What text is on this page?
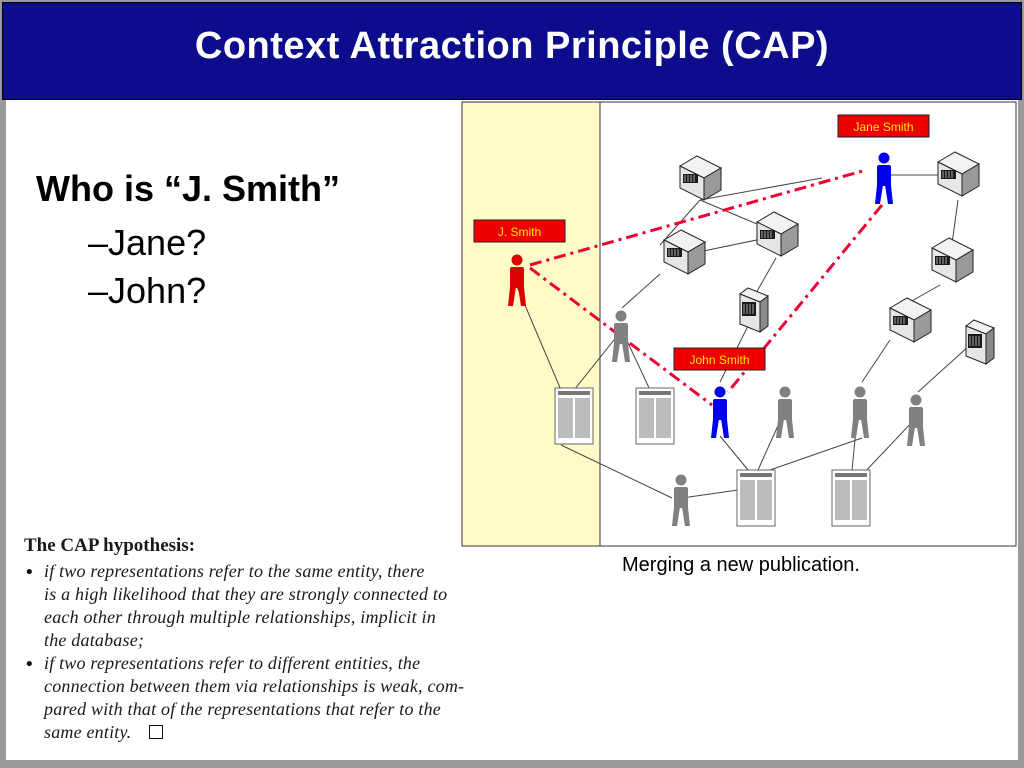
Context Attraction Principle (CAP)
Who is “J. Smith”
–Jane?
–John?
The CAP hypothesis:
• if two representations refer to the same entity, there
is a high likelihood that they are strongly connected to
each other through multiple relationships, implicit in
the database;
• if two representations refer to different entities, the
connection between them via relationships is weak, com-
pared with that of the representations that refer to the
same entity.
J. Smith
Jane Smith
John Smith
Merging a new publication.
